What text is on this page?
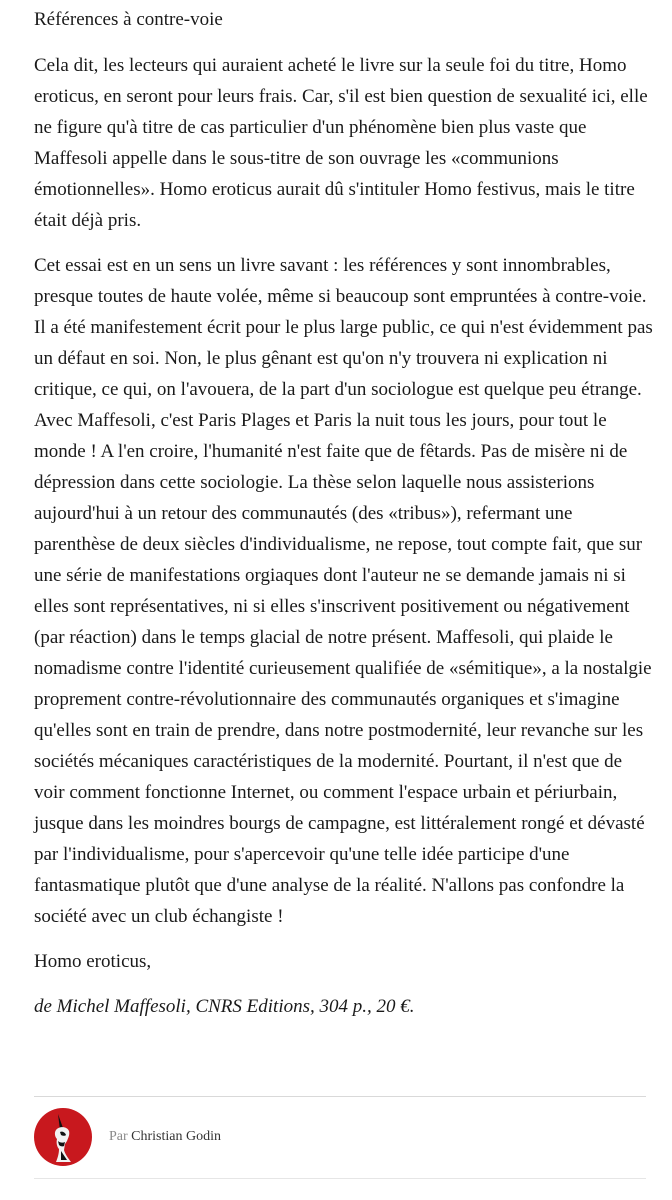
Références à contre-voie

Cela dit, les lecteurs qui auraient acheté le livre sur la seule foi du titre, Homo eroticus, en seront pour leurs frais. Car, s'il est bien question de sexualité ici, elle ne figure qu'à titre de cas particulier d'un phénomène bien plus vaste que Maffesoli appelle dans le sous-titre de son ouvrage les «communions émotionnelles». Homo eroticus aurait dû s'intituler Homo festivus, mais le titre était déjà pris.

Cet essai est en un sens un livre savant : les références y sont innombrables, presque toutes de haute volée, même si beaucoup sont empruntées à contre-voie. Il a été manifestement écrit pour le plus large public, ce qui n'est évidemment pas un défaut en soi. Non, le plus gênant est qu'on n'y trouvera ni explication ni critique, ce qui, on l'avouera, de la part d'un sociologue est quelque peu étrange. Avec Maffesoli, c'est Paris Plages et Paris la nuit tous les jours, pour tout le monde ! A l'en croire, l'humanité n'est faite que de fêtards. Pas de misère ni de dépression dans cette sociologie. La thèse selon laquelle nous assisterions aujourd'hui à un retour des communautés (des «tribus»), refermant une parenthèse de deux siècles d'individualisme, ne repose, tout compte fait, que sur une série de manifestations orgiaques dont l'auteur ne se demande jamais ni si elles sont représentatives, ni si elles s'inscrivent positivement ou négativement (par réaction) dans le temps glacial de notre présent. Maffesoli, qui plaide le nomadisme contre l'identité curieusement qualifiée de «sémitique», a la nostalgie proprement contre-révolutionnaire des communautés organiques et s'imagine qu'elles sont en train de prendre, dans notre postmodernité, leur revanche sur les sociétés mécaniques caractéristiques de la modernité. Pourtant, il n'est que de voir comment fonctionne Internet, ou comment l'espace urbain et périurbain, jusque dans les moindres bourgs de campagne, est littéralement rongé et dévasté par l'individualisme, pour s'apercevoir qu'une telle idée participe d'une fantasmatique plutôt que d'une analyse de la réalité. N'allons pas confondre la société avec un club échangiste !

Homo eroticus,

de Michel Maffesoli, CNRS Editions, 304 p., 20 €.

Par Christian Godin
